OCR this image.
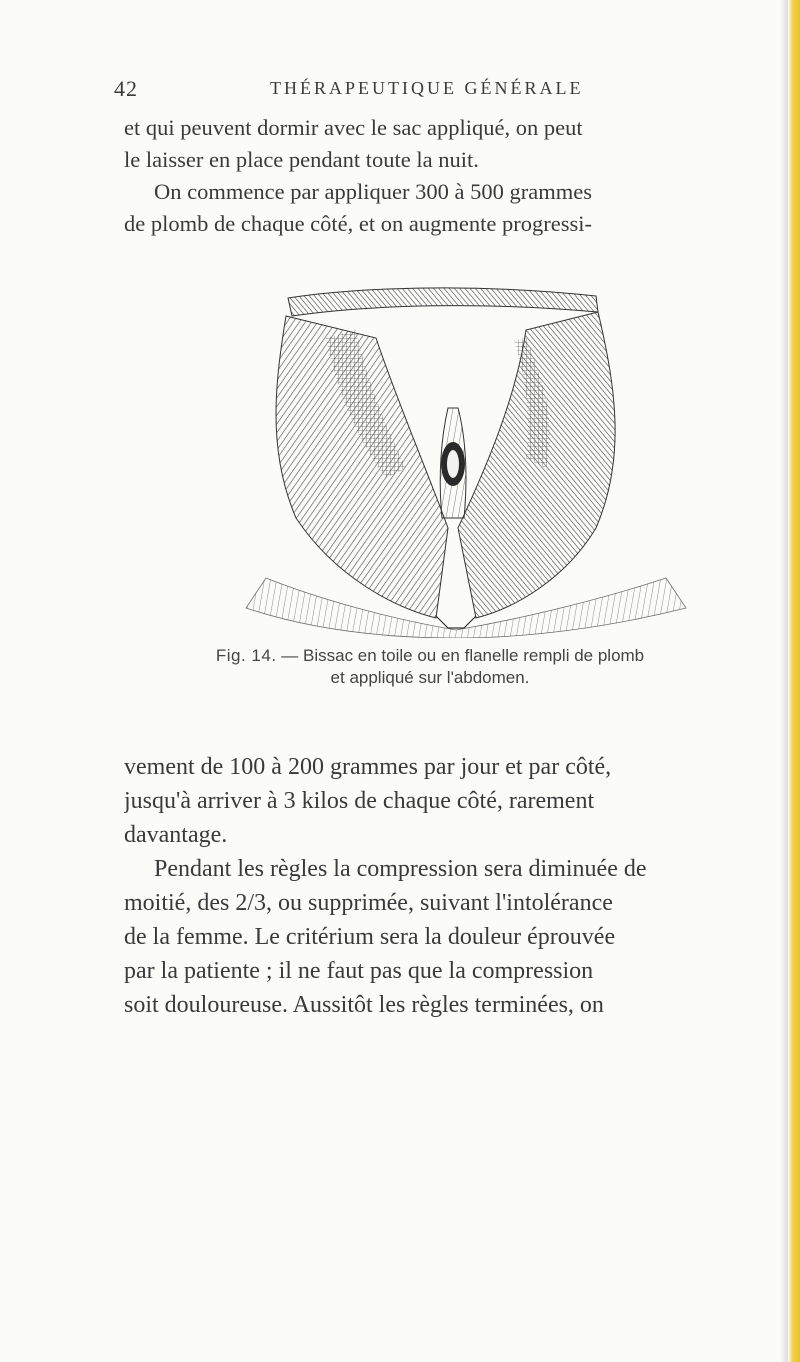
42	THÉRAPEUTIQUE GÉNÉRALE
et qui peuvent dormir avec le sac appliqué, on peut
le laisser en place pendant toute la nuit.
On commence par appliquer 300 à 500 grammes
de plomb de chaque côté, et on augmente progressi-
Fig. 14. — Bissac en toile ou en flanelle rempli de plomb
et appliqué sur l'abdomen.
vement de 100 à 200 grammes par jour et par côté,
jusqu'à arriver à 3 kilos de chaque côté, rarement
davantage.
Pendant les règles la compression sera diminuée de
moitié, des 2/3, ou supprimée, suivant l'intolérance
de la femme. Le critérium sera la douleur éprouvée
par la patiente ; il ne faut pas que la compression
soit douloureuse. Aussitôt les règles terminées, on
